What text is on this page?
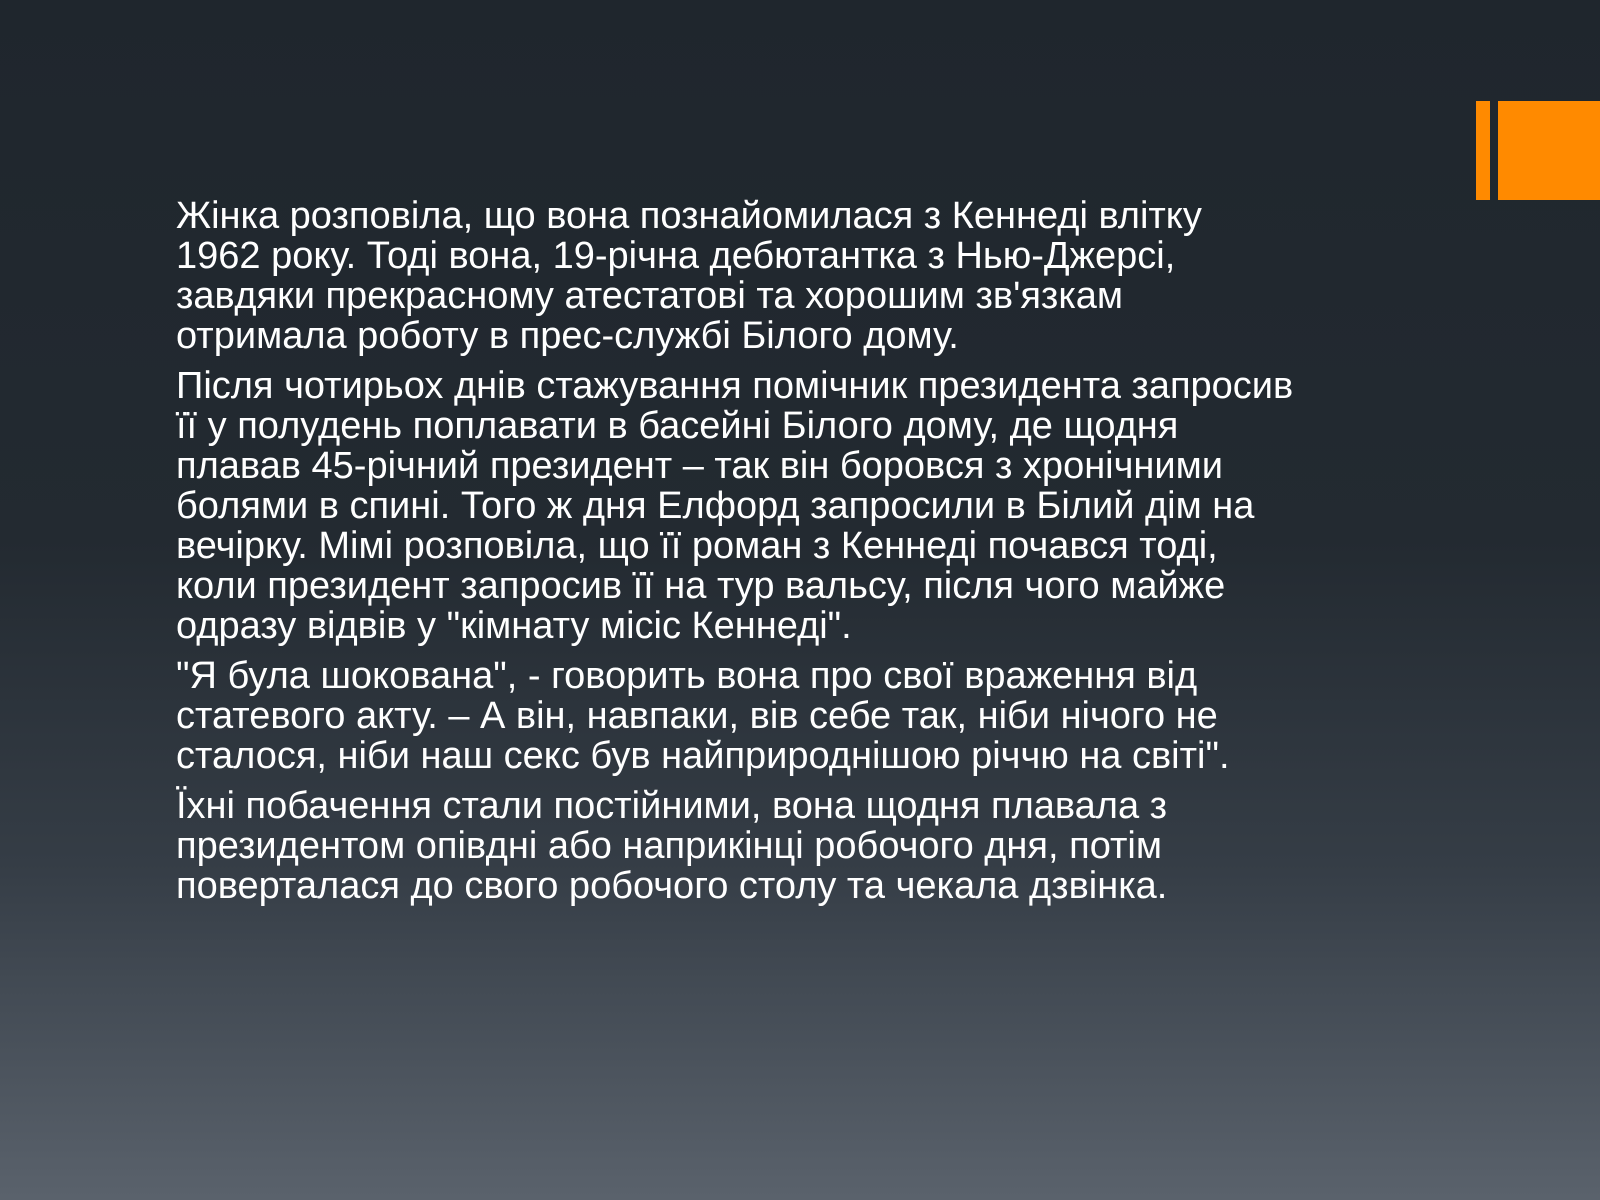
Жінка розповіла, що вона познайомилася з Кеннеді влітку
1962 року. Тоді вона, 19-річна дебютантка з Нью-Джерсі,
завдяки прекрасному атестатові та хорошим зв'язкам
отримала роботу в прес-службі Білого дому.

Після чотирьох днів стажування помічник президента запросив
її у полудень поплавати в басейні Білого дому, де щодня
плавав 45-річний президент – так він боровся з хронічними
болями в спині. Того ж дня Елфорд запросили в Білий дім на
вечірку. Мімі розповіла, що її роман з Кеннеді почався тоді,
коли президент запросив її на тур вальсу, після чого майже
одразу відвів у "кімнату місіс Кеннеді".

"Я була шокована", - говорить вона про свої враження від
статевого акту. – А він, навпаки, вів себе так, ніби нічого не
сталося, ніби наш секс був найприроднішою річчю на світі".

Їхні побачення стали постійними, вона щодня плавала з
президентом опівдні або наприкінці робочого дня, потім
поверталася до свого робочого столу та чекала дзвінка.
